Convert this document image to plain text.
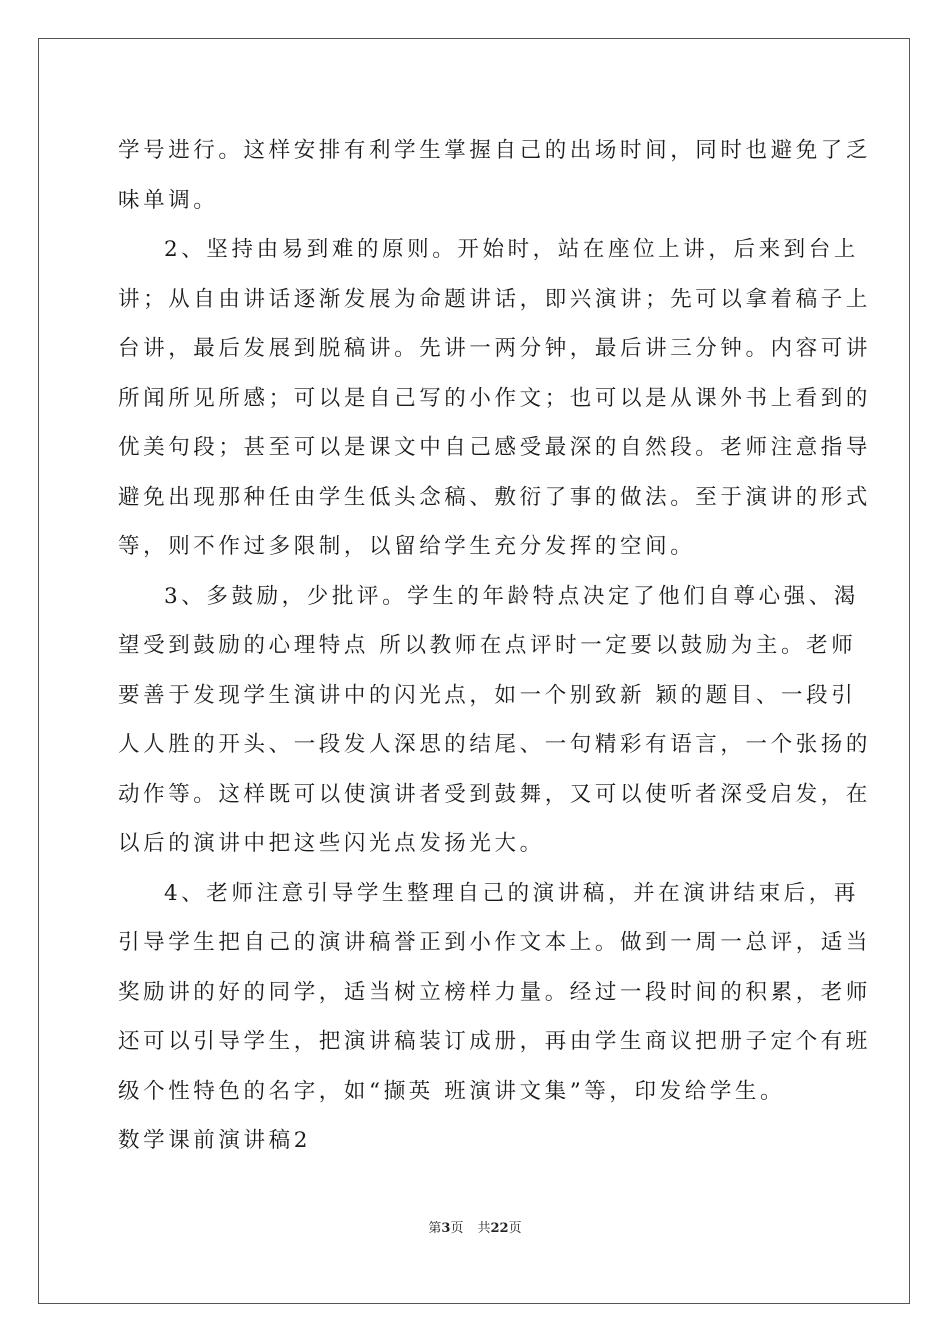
学号进行。这样安排有利学生掌握自己的出场时间，同时也避免了乏
味单调。
2、坚持由易到难的原则。开始时，站在座位上讲，后来到台上
讲；从自由讲话逐渐发展为命题讲话，即兴演讲；先可以拿着稿子上
台讲，最后发展到脱稿讲。先讲一两分钟，最后讲三分钟。内容可讲
所闻所见所感；可以是自己写的小作文；也可以是从课外书上看到的
优美句段；甚至可以是课文中自己感受最深的自然段。老师注意指导
避免出现那种任由学生低头念稿、敷衍了事的做法。至于演讲的形式
等，则不作过多限制，以留给学生充分发挥的空间。
3、多鼓励，少批评。学生的年龄特点决定了他们自尊心强、渴
望受到鼓励的心理特点 所以教师在点评时一定要以鼓励为主。老师
要善于发现学生演讲中的闪光点，如一个别致新 颖的题目、一段引
人人胜的开头、一段发人深思的结尾、一句精彩有语言，一个张扬的
动作等。这样既可以使演讲者受到鼓舞，又可以使听者深受启发，在
以后的演讲中把这些闪光点发扬光大。
4、老师注意引导学生整理自己的演讲稿，并在演讲结束后，再
引导学生把自己的演讲稿誉正到小作文本上。做到一周一总评，适当
奖励讲的好的同学，适当树立榜样力量。经过一段时间的积累，老师
还可以引导学生，把演讲稿装订成册，再由学生商议把册子定个有班
级个性特色的名字，如“撷英 班演讲文集”等，印发给学生。
数学课前演讲稿2
第3页 共22页
